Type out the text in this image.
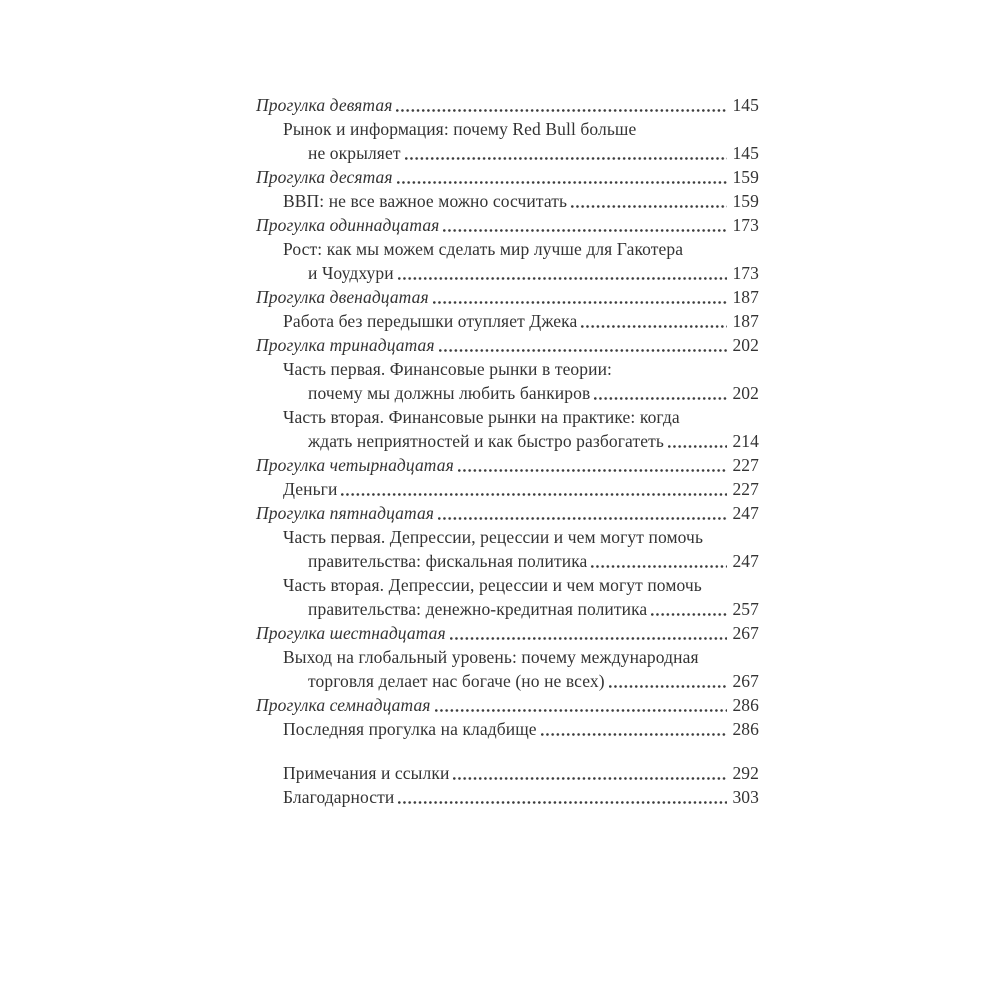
Прогулка девятая	145
Рынок и информация: почему Red Bull больше
не окрыляет	145
Прогулка десятая	159
ВВП: не все важное можно сосчитать	159
Прогулка одиннадцатая	173
Рост: как мы можем сделать мир лучше для Гакотера
и Чоудхури	173
Прогулка двенадцатая	187
Работа без передышки отупляет Джека	187
Прогулка тринадцатая	202
Часть первая. Финансовые рынки в теории:
почему мы должны любить банкиров	202
Часть вторая. Финансовые рынки на практике: когда
ждать неприятностей и как быстро разбогатеть	214
Прогулка четырнадцатая	227
Деньги	227
Прогулка пятнадцатая	247
Часть первая. Депрессии, рецессии и чем могут помочь
правительства: фискальная политика	247
Часть вторая. Депрессии, рецессии и чем могут помочь
правительства: денежно-кредитная политика	257
Прогулка шестнадцатая	267
Выход на глобальный уровень: почему международная
торговля делает нас богаче (но не всех)	267
Прогулка семнадцатая	286
Последняя прогулка на кладбище	286
Примечания и ссылки	292
Благодарности	303
